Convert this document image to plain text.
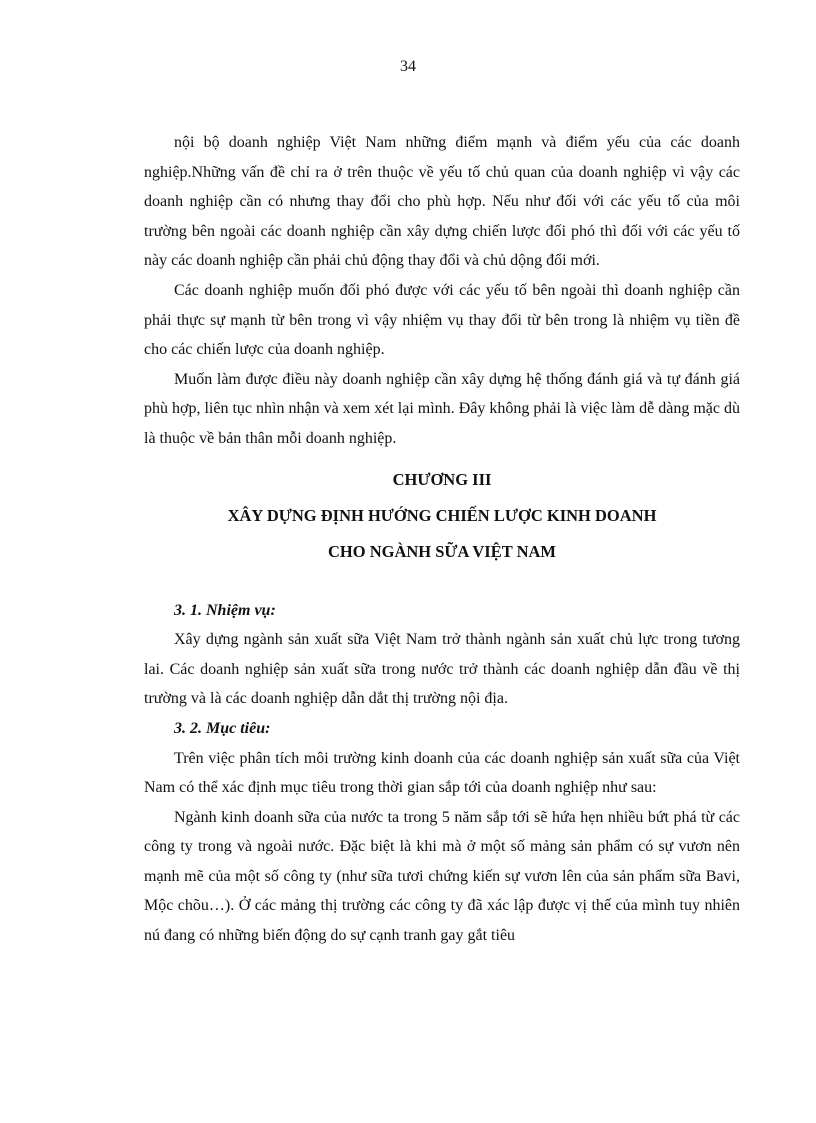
34

nội bộ doanh nghiệp Việt Nam những điểm mạnh và điểm yếu của các doanh nghiệp.Những vấn đề chỉ ra ở trên thuộc về yếu tố chủ quan của doanh nghiệp vì vậy các doanh nghiệp cần có nhưng thay đổi cho phù hợp. Nếu như đối với các yếu tố của môi trường bên ngoài các doanh nghiệp cần xây dựng chiến lược đối phó thì đối với các yếu tố này các doanh nghiệp cần phải chủ động thay đổi và chủ dộng đổi mới.

Các doanh nghiệp muốn đối phó được với các yếu tố bên ngoài thì doanh nghiệp cần phải thực sự mạnh từ bên trong vì vậy nhiệm vụ thay đổi từ bên trong là nhiệm vụ tiền đề cho các chiến lược của doanh nghiệp.

Muốn làm được điều này doanh nghiệp cần xây dựng hệ thống đánh giá và tự đánh giá phù hợp, liên tục nhìn nhận và xem xét lại mình. Đây không phải là việc làm dễ dàng mặc dù là thuộc về bản thân mỗi doanh nghiệp.

CHƯƠNG III
XÂY DỰNG ĐỊNH HƯỚNG CHIẾN LƯỢC KINH DOANH
CHO NGÀNH SỮA VIỆT NAM
3. 1. Nhiệm vụ:

Xây dựng ngành sản xuất sữa Việt Nam trở thành ngành sản xuất chủ lực trong tương lai. Các doanh nghiệp sản xuất sữa trong nước trở thành các doanh nghiệp dẫn đầu về thị trường và là các doanh nghiệp dẫn dắt thị trường nội địa.

3. 2. Mục tiêu:

Trên việc phân tích môi trường kinh doanh của các doanh nghiệp sản xuất sữa của Việt Nam có thể xác định mục tiêu trong thời gian sắp tới của doanh nghiệp như sau:

Ngành kinh doanh sữa của nước ta trong 5 năm sắp tới sẽ hứa hẹn nhiều bứt phá từ các công ty trong và ngoài nước. Đặc biệt là khi mà ở một số mảng sản phẩm có sự vươn nên mạnh mẽ của một số công ty (như sữa tươi chứng kiến sự vươn lên của sản phẩm sữa Bavi, Mộc chõu…). Ở các mảng thị trường các công ty đã xác lập được vị thế của mình tuy nhiên nú đang có những biến động do sự cạnh tranh gay gắt tiêu
